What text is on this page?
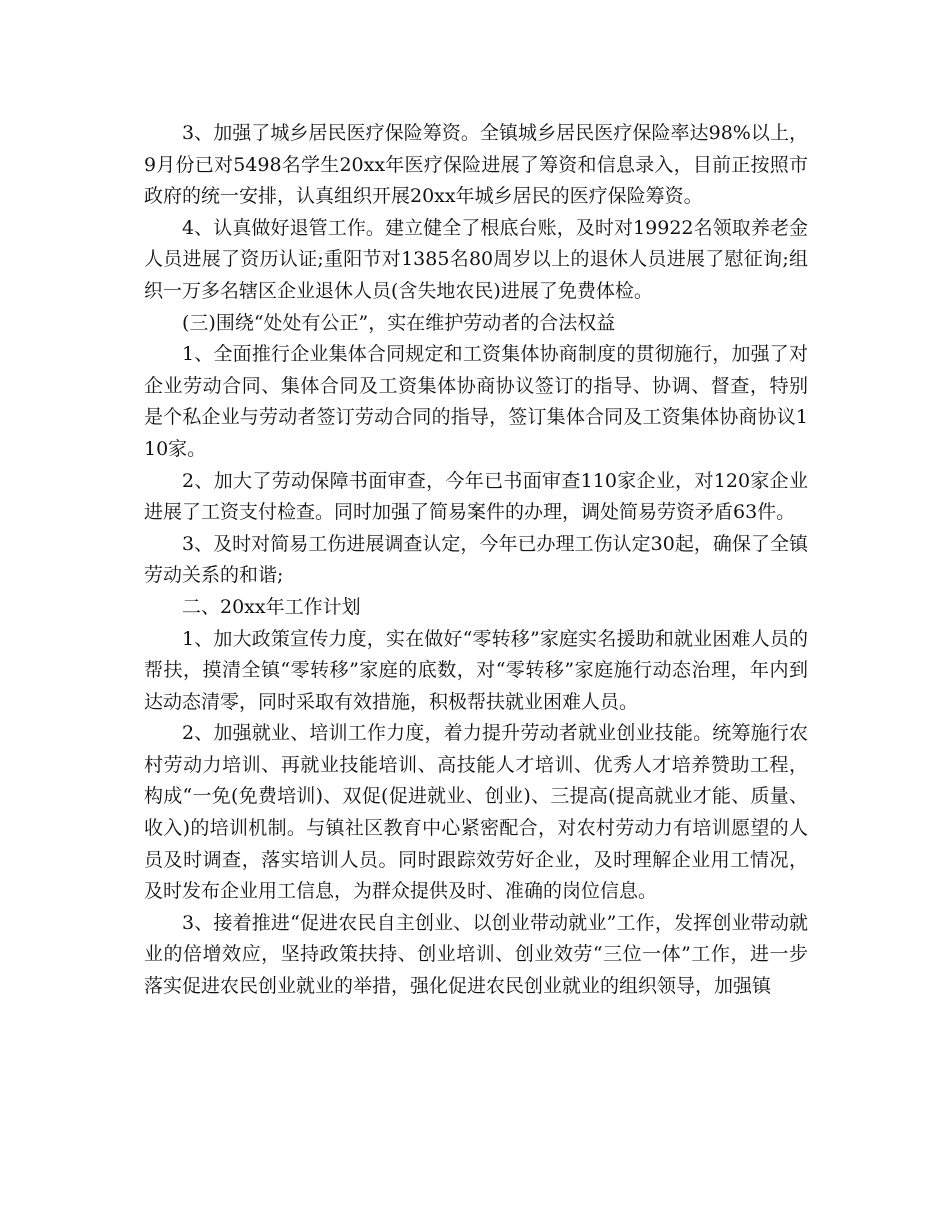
3、加强了城乡居民医疗保险筹资。全镇城乡居民医疗保险率达98%以上，9月份已对5498名学生20xx年医疗保险进展了筹资和信息录入，目前正按照市政府的统一安排，认真组织开展20xx年城乡居民的医疗保险筹资。

4、认真做好退管工作。建立健全了根底台账，及时对19922名领取养老金人员进展了资历认证;重阳节对1385名80周岁以上的退休人员进展了慰征询;组织一万多名辖区企业退休人员(含失地农民)进展了免费体检。

(三)围绕“处处有公正”，实在维护劳动者的合法权益

1、全面推行企业集体合同规定和工资集体协商制度的贯彻施行，加强了对企业劳动合同、集体合同及工资集体协商协议签订的指导、协调、督查，特别是个私企业与劳动者签订劳动合同的指导，签订集体合同及工资集体协商协议110家。

2、加大了劳动保障书面审查，今年已书面审查110家企业，对120家企业进展了工资支付检查。同时加强了简易案件的办理，调处简易劳资矛盾63件。

3、及时对简易工伤进展调查认定，今年已办理工伤认定30起，确保了全镇劳动关系的和谐;

二、20xx年工作计划

1、加大政策宣传力度，实在做好“零转移”家庭实名援助和就业困难人员的帮扶，摸清全镇“零转移”家庭的底数，对“零转移”家庭施行动态治理，年内到达动态清零，同时采取有效措施，积极帮扶就业困难人员。

2、加强就业、培训工作力度，着力提升劳动者就业创业技能。统筹施行农村劳动力培训、再就业技能培训、高技能人才培训、优秀人才培养赞助工程，构成“一免(免费培训)、双促(促进就业、创业)、三提高(提高就业才能、质量、收入)的培训机制。与镇社区教育中心紧密配合，对农村劳动力有培训愿望的人员及时调查，落实培训人员。同时跟踪效劳好企业，及时理解企业用工情况，及时发布企业用工信息，为群众提供及时、准确的岗位信息。

3、接着推进“促进农民自主创业、以创业带动就业”工作，发挥创业带动就业的倍增效应，坚持政策扶持、创业培训、创业效劳“三位一体”工作，进一步落实促进农民创业就业的举措，强化促进农民创业就业的组织领导，加强镇
